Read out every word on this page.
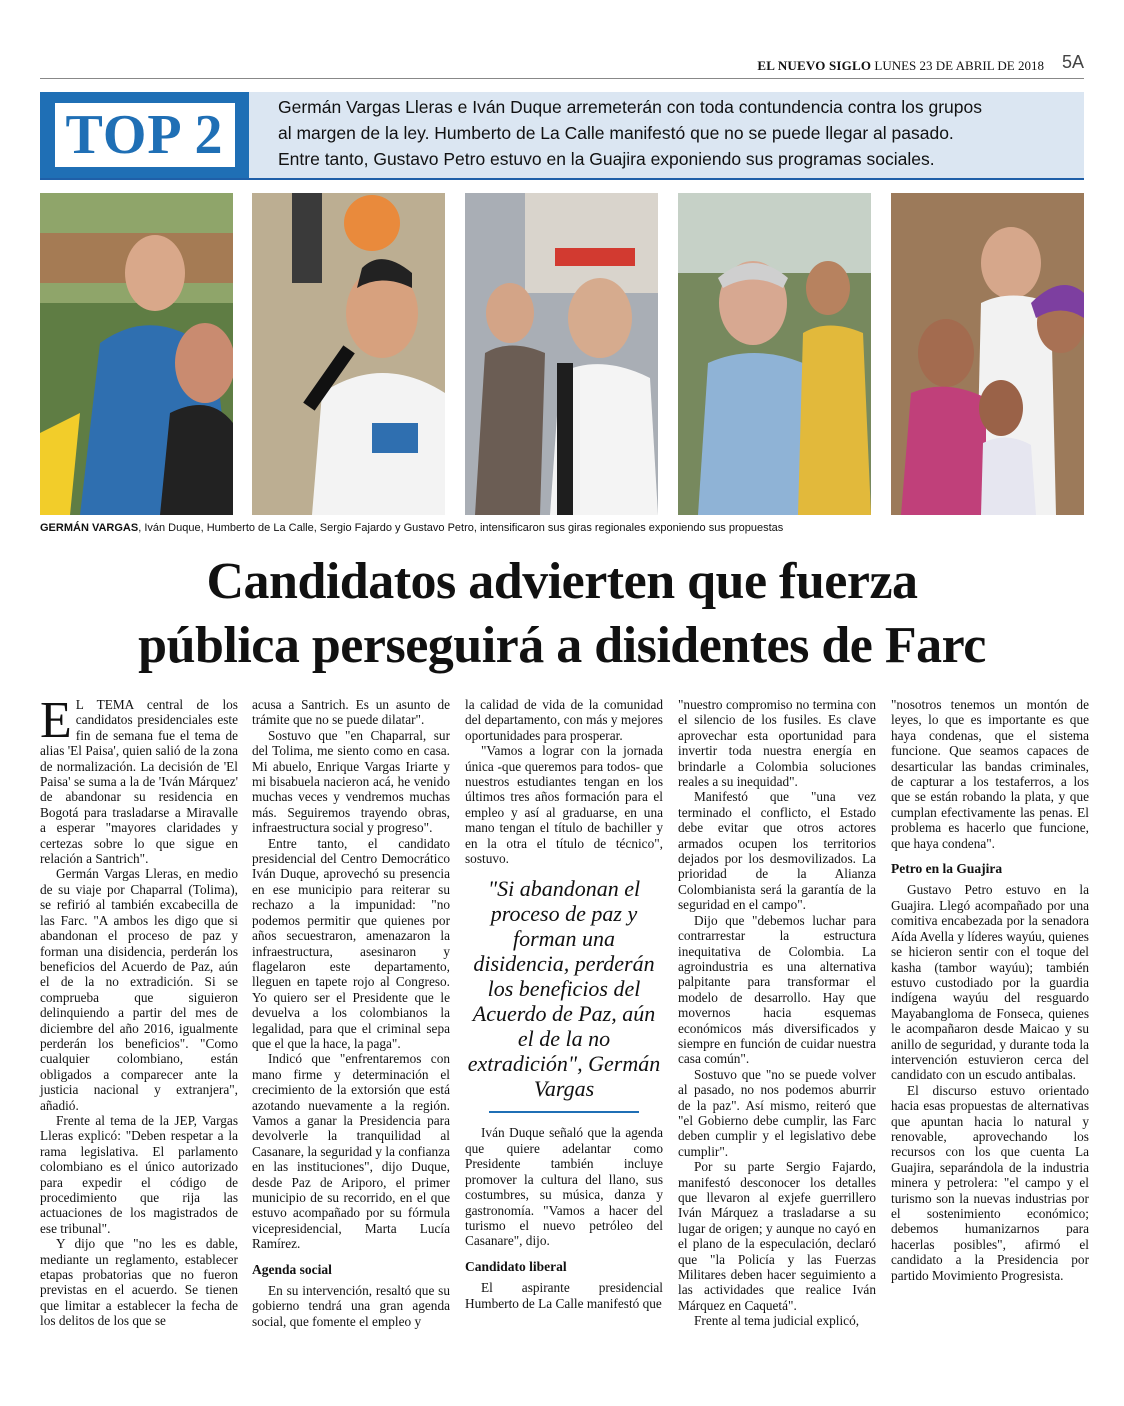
EL NUEVO SIGLO LUNES 23 DE ABRIL DE 2018 5A
TOP 2	Germán Vargas Lleras e Iván Duque arremeterán con toda contundencia contra los grupos
al margen de la ley. Humberto de La Calle manifestó que no se puede llegar al pasado.
Entre tanto, Gustavo Petro estuvo en la Guajira exponiendo sus programas sociales.
GERMÁN VARGAS, Iván Duque, Humberto de La Calle, Sergio Fajardo y Gustavo Petro, intensificaron sus giras regionales exponiendo sus propuestas
Candidatos advierten que fuerza
pública perseguirá a disidentes de Farc

E L TEMA central de los candidatos presidenciales este fin de semana fue el tema de alias 'El Paisa', quien salió de la zona de normalización. La decisión de 'El Paisa' se suma a la de 'Iván Márquez' de abandonar su residencia en Bogotá para trasladarse a Miravalle a esperar "mayores claridades y certezas sobre lo que sigue en relación a Santrich".

Germán Vargas Lleras, en medio de su viaje por Chaparral (Tolima), se refirió al también excabecilla de las Farc. "A ambos les digo que si abandonan el proceso de paz y forman una disidencia, perderán los beneficios del Acuerdo de Paz, aún el de la no extradición. Si se comprueba que siguieron delinquiendo a partir del mes de diciembre del año 2016, igualmente perderán los beneficios". "Como cualquier colombiano, están obligados a comparecer ante la justicia nacional y extranjera", añadió.

Frente al tema de la JEP, Vargas Lleras explicó: "Deben respetar a la rama legislativa. El parlamento colombiano es el único autorizado para expedir el código de procedimiento que rija las actuaciones de los magistrados de ese tribunal".

Y dijo que "no les es dable, mediante un reglamento, establecer etapas probatorias que no fueron previstas en el acuerdo. Se tienen que limitar a establecer la fecha de los delitos de los que se

acusa a Santrich. Es un asunto de trámite que no se puede dilatar".

Sostuvo que "en Chaparral, sur del Tolima, me siento como en casa. Mi abuelo, Enrique Vargas Iriarte y mi bisabuela nacieron acá, he venido muchas veces y vendremos muchas más. Seguiremos trayendo obras, infraestructura social y progreso".

Entre tanto, el candidato presidencial del Centro Democrático Iván Duque, aprovechó su presencia en ese municipio para reiterar su rechazo a la impunidad: "no podemos permitir que quienes por años secuestraron, amenazaron la infraestructura, asesinaron y flagelaron este departamento, lleguen en tapete rojo al Congreso. Yo quiero ser el Presidente que le devuelva a los colombianos la legalidad, para que el criminal sepa que el que la hace, la paga".

Indicó que "enfrentaremos con mano firme y determinación el crecimiento de la extorsión que está azotando nuevamente a la región. Vamos a ganar la Presidencia para devolverle la tranquilidad al Casanare, la seguridad y la confianza en las instituciones", dijo Duque, desde Paz de Ariporo, el primer municipio de su recorrido, en el que estuvo acompañado por su fórmula vicepresidencial, Marta Lucía Ramírez.

Agenda social

En su intervención, resaltó que su gobierno tendrá una gran agenda social, que fomente el empleo y

la calidad de vida de la comunidad del departamento, con más y mejores oportunidades para prosperar.

"Vamos a lograr con la jornada única -que queremos para todos- que nuestros estudiantes tengan en los últimos tres años formación para el empleo y así al graduarse, en una mano tengan el título de bachiller y en la otra el título de técnico", sostuvo.

"Si abandonan el proceso de paz y forman una disidencia, perderán los beneficios del Acuerdo de Paz, aún el de la no extradición", Germán Vargas

Iván Duque señaló que la agenda que quiere adelantar como Presidente también incluye promover la cultura del llano, sus costumbres, su música, danza y gastronomía. "Vamos a hacer del turismo el nuevo petróleo del Casanare", dijo.

Candidato liberal

El aspirante presidencial Humberto de La Calle manifestó que

"nuestro compromiso no termina con el silencio de los fusiles. Es clave aprovechar esta oportunidad para invertir toda nuestra energía en brindarle a Colombia soluciones reales a su inequidad".

Manifestó que "una vez terminado el conflicto, el Estado debe evitar que otros actores armados ocupen los territorios dejados por los desmovilizados. La prioridad de la Alianza Colombianista será la garantía de la seguridad en el campo".

Dijo que "debemos luchar para contrarrestar la estructura inequitativa de Colombia. La agroindustria es una alternativa palpitante para transformar el modelo de desarrollo. Hay que movernos hacia esquemas económicos más diversificados y siempre en función de cuidar nuestra casa común".

Sostuvo que "no se puede volver al pasado, no nos podemos aburrir de la paz". Así mismo, reiteró que "el Gobierno debe cumplir, las Farc deben cumplir y el legislativo debe cumplir".

Por su parte Sergio Fajardo, manifestó desconocer los detalles que llevaron al exjefe guerrillero Iván Márquez a trasladarse a su lugar de origen; y aunque no cayó en el plano de la especulación, declaró que "la Policía y las Fuerzas Militares deben hacer seguimiento a las actividades que realice Iván Márquez en Caquetá".

Frente al tema judicial explicó,

"nosotros tenemos un montón de leyes, lo que es importante es que haya condenas, que el sistema funcione. Que seamos capaces de desarticular las bandas criminales, de capturar a los testaferros, a los que se están robando la plata, y que cumplan efectivamente las penas. El problema es hacerlo que funcione, que haya condena".

Petro en la Guajira

Gustavo Petro estuvo en la Guajira. Llegó acompañado por una comitiva encabezada por la senadora Aída Avella y líderes wayúu, quienes se hicieron sentir con el toque del kasha (tambor wayúu); también estuvo custodiado por la guardia indígena wayúu del resguardo Mayabangloma de Fonseca, quienes le acompañaron desde Maicao y su anillo de seguridad, y durante toda la intervención estuvieron cerca del candidato con un escudo antibalas.

El discurso estuvo orientado hacia esas propuestas de alternativas que apuntan hacia lo natural y renovable, aprovechando los recursos con los que cuenta La Guajira, separándola de la industria minera y petrolera: "el campo y el turismo son la nuevas industrias por el sostenimiento económico; debemos humanizarnos para hacerlas posibles", afirmó el candidato a la Presidencia por partido Movimiento Progresista.
